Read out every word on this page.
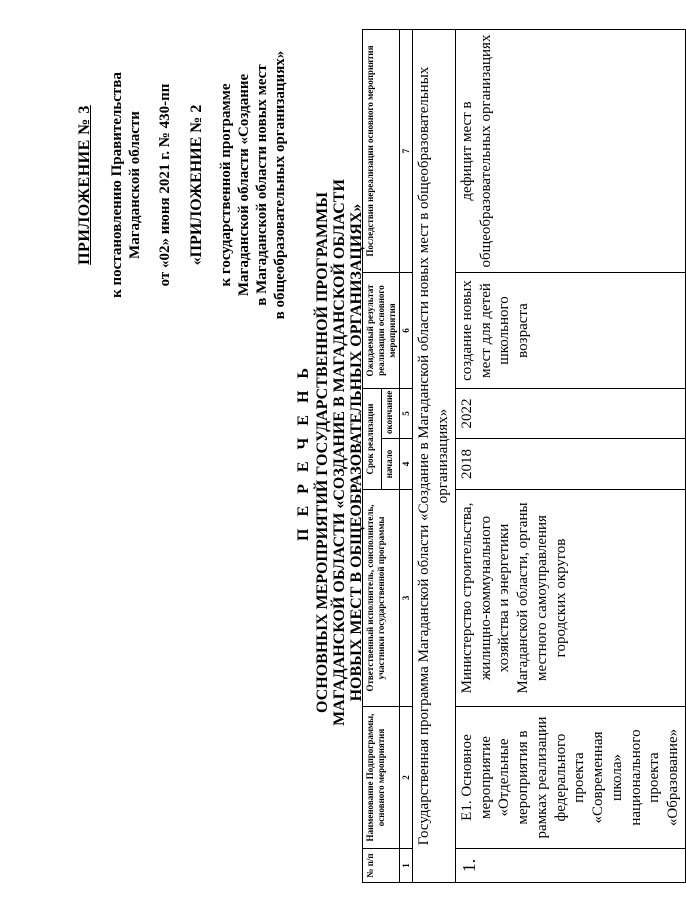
ПРИЛОЖЕНИЕ № 3 к постановлению Правительства Магаданской области от «02» июня 2021 г. № 430-пп «ПРИЛОЖЕНИЕ № 2 к государственной программе Магаданской области «Создание в Магаданской области новых мест в общеобразовательных организациях»
П Е Р Е Ч Е Н Ь ОСНОВНЫХ МЕРОПРИЯТИЙ ГОСУДАРСТВЕННОЙ ПРОГРАММЫ МАГАДАНСКОЙ ОБЛАСТИ «СОЗДАНИЕ В МАГАДАНСКОЙ ОБЛАСТИ НОВЫХ МЕСТ В ОБЩЕОБРАЗОВАТЕЛЬНЫХ ОРГАНИЗАЦИЯХ»
№ п/п	Наименование Подпрограммы, основного мероприятия	Ответственный исполнитель, соисполнитель, участники государственной программы	Срок реализации		Ожидаемый результат реализации основного мероприятия	Последствия нереализации основного мероприятия
			начало	окончание		
1	2	3	4	5	6	7
Государственная программа Магаданской области «Создание в Магаданской области новых мест в общеобразовательных организациях»						
1.	Е1. Основное мероприятие «Отдельные мероприятия в рамках реализации федерального проекта «Современная школа» национального проекта «Образование»	Министерство строительства, жилищно-коммунального хозяйства и энергетики Магаданской области, органы местного самоуправления городских округов	2018	2022	создание новых мест для детей школьного возраста	дефицит мест в общеобразовательных организациях
